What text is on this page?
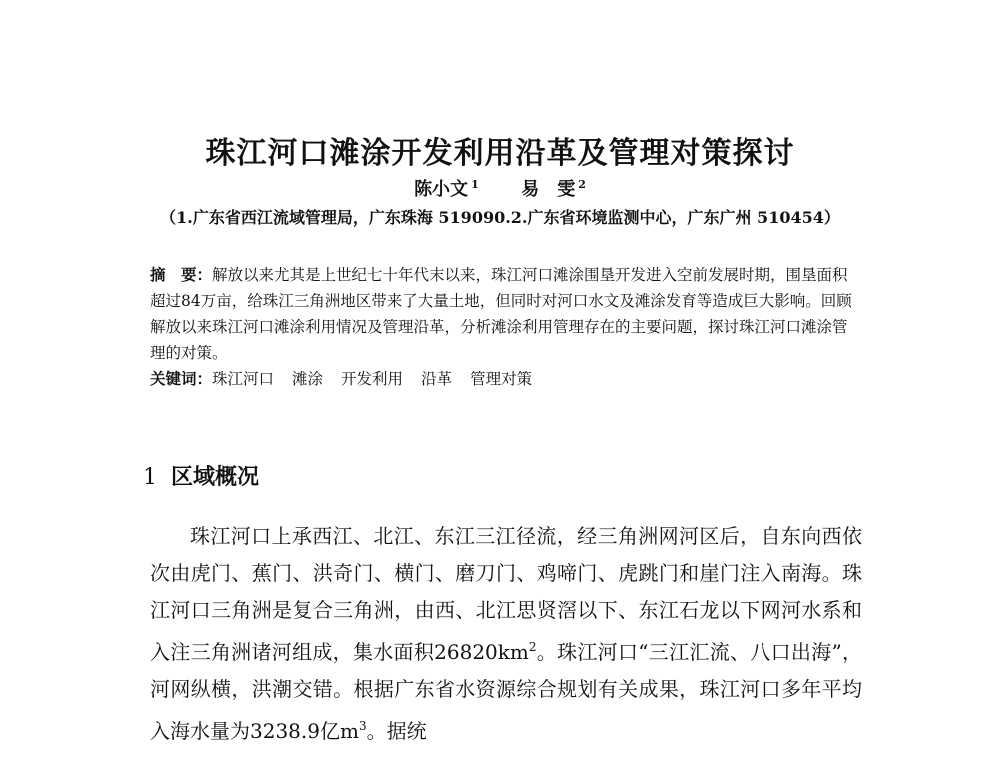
珠江河口滩涂开发利用沿革及管理对策探讨
陈小文 $^1$ 易　雯 $^2$
（1.广东省西江流域管理局，广东珠海 519090.2.广东省环境监测中心，广东广州 510454）

摘　要：解放以来尤其是上世纪七十年代末以来，珠江河口滩涂围垦开发进入空前发展时期，围垦面积超过84万亩，给珠江三角洲地区带来了大量土地，但同时对河口水文及滩涂发育等造成巨大影响。回顾解放以来珠江河口滩涂利用情况及管理沿革，分析滩涂利用管理存在的主要问题，探讨珠江河口滩涂管理的对策。

关键词：珠江河口 滩涂 开发利用 沿革 管理对策

1 区域概况

珠江河口上承西江、北江、东江三江径流，经三角洲网河区后，自东向西依次由虎门、蕉门、洪奇门、横门、磨刀门、鸡啼门、虎跳门和崖门注入南海。珠江河口三角洲是复合三角洲，由西、北江思贤滘以下、东江石龙以下网河水系和入注三角洲诸河组成，集水面积$26820km^2$。珠江河口“三江汇流、八口出海”，河网纵横，洪潮交错。根据广东省水资源综合规划有关成果，珠江河口多年平均入海水量为3238.9亿$m^3$。据统
